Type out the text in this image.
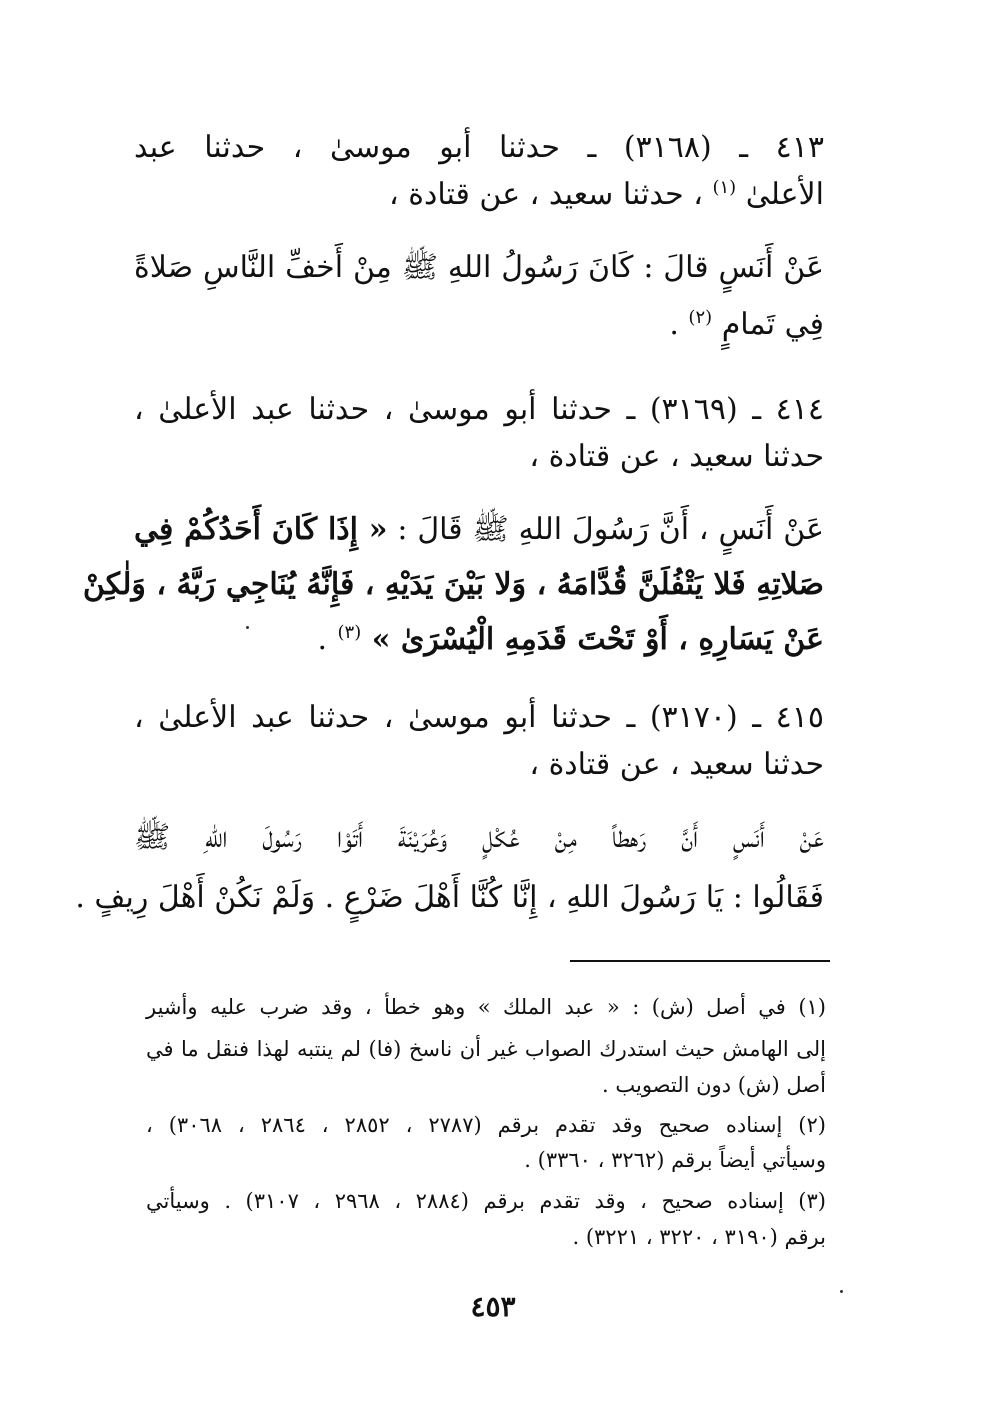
٤١٣ ـ (٣١٦٨) ـ حدثنا أبو موسىٰ ، حدثنا عبد
الأعلىٰ $^{(١)}$ ، حدثنا سعيد ، عن قتادة ،
عَنْ أَنَسٍ قالَ : كَانَ رَسُولُ اللهِ ﷺ مِنْ أَخفِّ النَّاسِ صَلاةً
فِي تَمامٍ $^{(٢)}$ .
٤١٤ ـ (٣١٦٩) ـ حدثنا أبو موسىٰ ، حدثنا عبد الأعلىٰ ،
حدثنا سعيد ، عن قتادة ،
عَنْ أَنَسٍ ، أَنَّ رَسُولَ اللهِ ﷺ قَالَ : « إِذَا كَانَ أَحَدُكُمْ فِي
صَلاتِهِ فَلا يَتْفُلَنَّ قُدَّامَهُ ، وَلا بَيْنَ يَدَيْهِ ، فَإِنَّهُ يُنَاجِي رَبَّهُ ، وَلٰكِنْ
عَنْ يَسَارِهِ ، أَوْ تَحْتَ قَدَمِهِ الْيُسْرَىٰ » $^{(٣)}$ .
٤١٥ ـ (٣١٧٠) ـ حدثنا أبو موسىٰ ، حدثنا عبد الأعلىٰ ،
حدثنا سعيد ، عن قتادة ،
عَنْ أَنَسٍ أَنَّ رَهطاً مِنْ عُكْلٍ وَعُرَيْنَةَ أَتَوْا رَسُولَ اللهِ ﷺ
فَقَالُوا : يَا رَسُولَ اللهِ ، إِنَّا كُنَّا أَهْلَ ضَرْعٍ . وَلَمْ نَكُنْ أَهْلَ رِيفٍ .
(١) في أصل (ش) : « عبد الملك » وهو خطأ ، وقد ضرب عليه وأشير
إلى الهامش حيث استدرك الصواب غير أن ناسخ (فا) لم ينتبه لهذا فنقل ما في
أصل (ش) دون التصويب .
(٢) إسناده صحيح وقد تقدم برقم (٢٧٨٧ ، ٢٨٥٢ ، ٢٨٦٤ ، ٣٠٦٨) ،
وسيأتي أيضاً برقم (٣٢٦٢ ، ٣٣٦٠) .
(٣) إسناده صحيح ، وقد تقدم برقم (٢٨٨٤ ، ٢٩٦٨ ، ٣١٠٧) . وسيأتي
برقم (٣١٩٠ ، ٣٢٢٠ ، ٣٢٢١) .
٤٥٣
